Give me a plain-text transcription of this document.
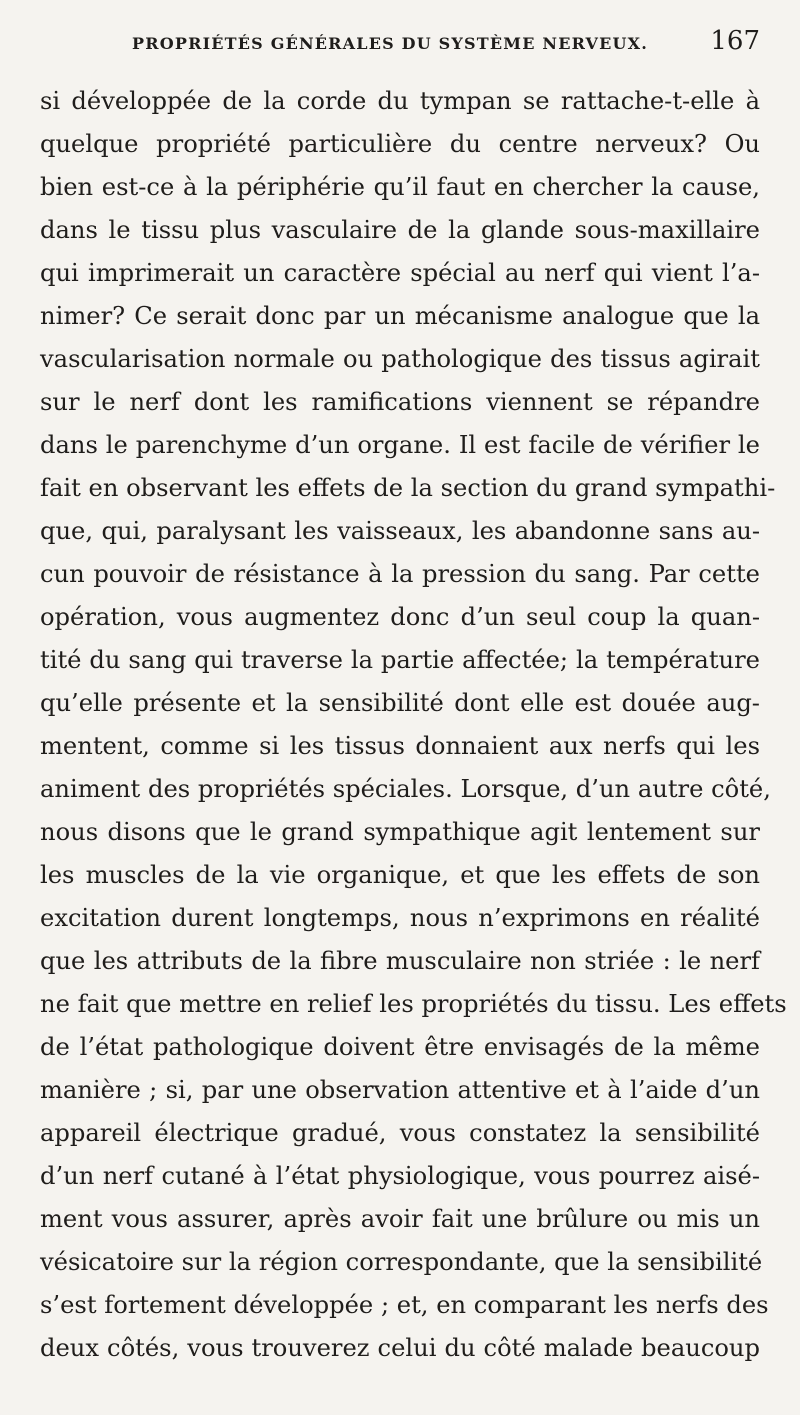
PROPRIÉTÉS GÉNÉRALES DU SYSTÈME NERVEUX. 167
si développée de la corde du tympan se rattache-t-elle à
quelque propriété particulière du centre nerveux? Ou
bien est-ce à la périphérie qu’il faut en chercher la cause,
dans le tissu plus vasculaire de la glande sous-maxillaire
qui imprimerait un caractère spécial au nerf qui vient l’a-
nimer? Ce serait donc par un mécanisme analogue que la
vascularisation normale ou pathologique des tissus agirait
sur le nerf dont les ramifications viennent se répandre
dans le parenchyme d’un organe. Il est facile de vérifier le
fait en observant les effets de la section du grand sympathi-
que, qui, paralysant les vaisseaux, les abandonne sans au-
cun pouvoir de résistance à la pression du sang. Par cette
opération, vous augmentez donc d’un seul coup la quan-
tité du sang qui traverse la partie affectée; la température
qu’elle présente et la sensibilité dont elle est douée aug-
mentent, comme si les tissus donnaient aux nerfs qui les
animent des propriétés spéciales. Lorsque, d’un autre côté,
nous disons que le grand sympathique agit lentement sur
les muscles de la vie organique, et que les effets de son
excitation durent longtemps, nous n’exprimons en réalité
que les attributs de la fibre musculaire non striée : le nerf
ne fait que mettre en relief les propriétés du tissu. Les effets
de l’état pathologique doivent être envisagés de la même
manière ; si, par une observation attentive et à l’aide d’un
appareil électrique gradué, vous constatez la sensibilité
d’un nerf cutané à l’état physiologique, vous pourrez aisé-
ment vous assurer, après avoir fait une brûlure ou mis un
vésicatoire sur la région correspondante, que la sensibilité
s’est fortement développée ; et, en comparant les nerfs des
deux côtés, vous trouverez celui du côté malade beaucoup
